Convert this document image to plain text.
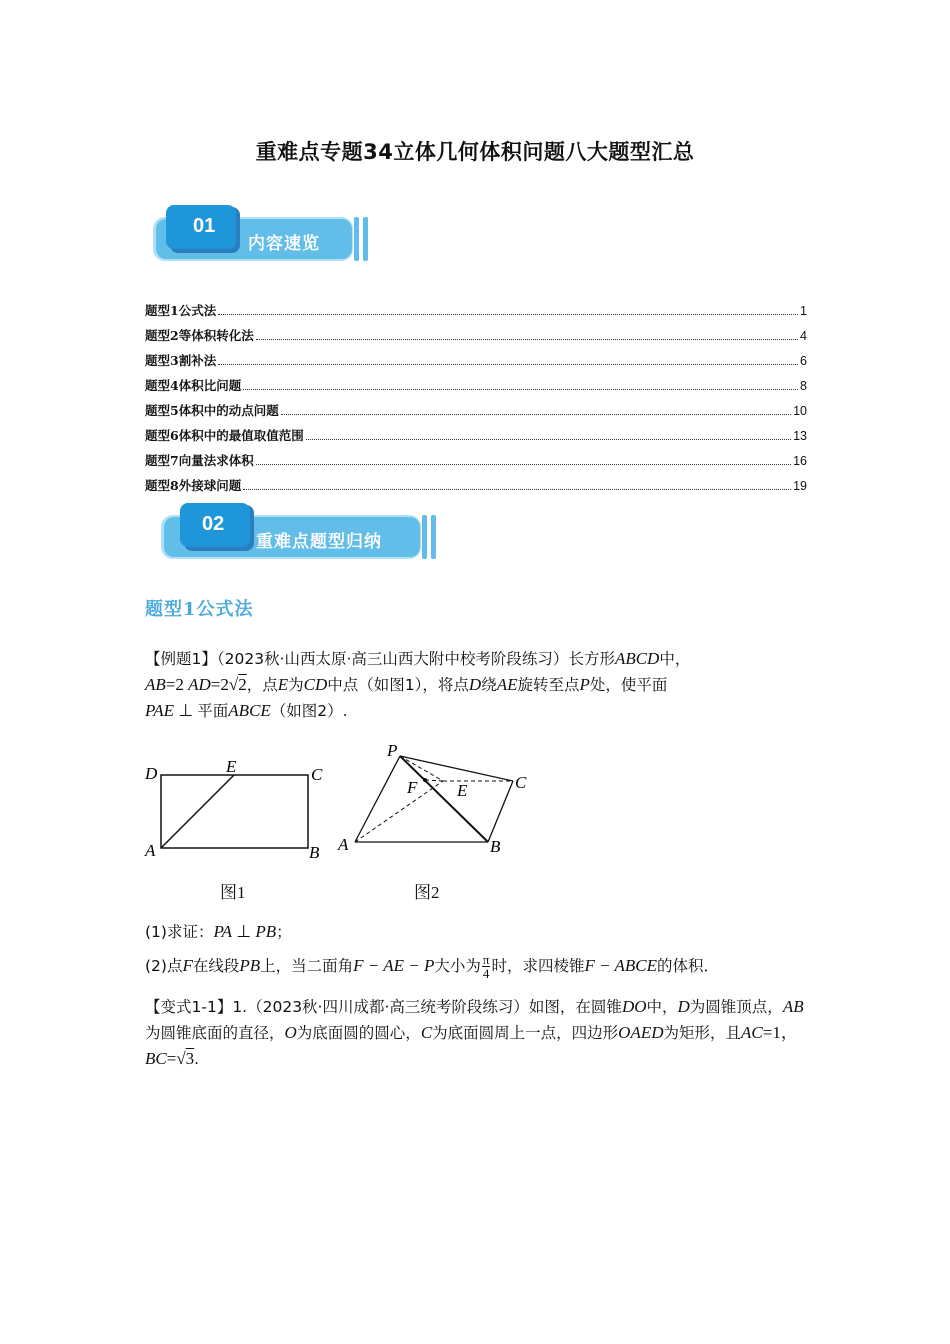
重难点专题34立体几何体积问题八大题型汇总
01
内容速览
题型1公式法	1
题型2等体积转化法	4
题型3割补法	6
题型4体积比问题	8
题型5体积中的动点问题	10
题型6体积中的最值取值范围	13
题型7向量法求体积	16
题型8外接球问题	19
02
重难点题型归纳
题型1公式法
【例题1】（2023秋·山西太原·高三山西大附中校考阶段练习）长方形ABCD中，
AB=2 AD=2√2，点E为CD中点（如图1），将点D绕AE旋转至点P处，使平面
PAE ⊥ 平面ABCE（如图2）.
D	E	C
A	B
图1
P
F E	C
A	B
图2
(1)求证：PA ⊥ PB；
(2)点F在线段PB上，当二面角F − AE − P大小为 $\frac{\pi}{4}$ 时，求四棱锥F − ABCE的体积．
【变式1-1】1.（2023秋·四川成都·高三统考阶段练习）如图，在圆锥DO中，D为圆锥顶点，AB为圆锥底面的直径，O为底面圆的圆心，C为底面圆周上一点，四边形OAED为矩形，且AC=1，BC=√3.
